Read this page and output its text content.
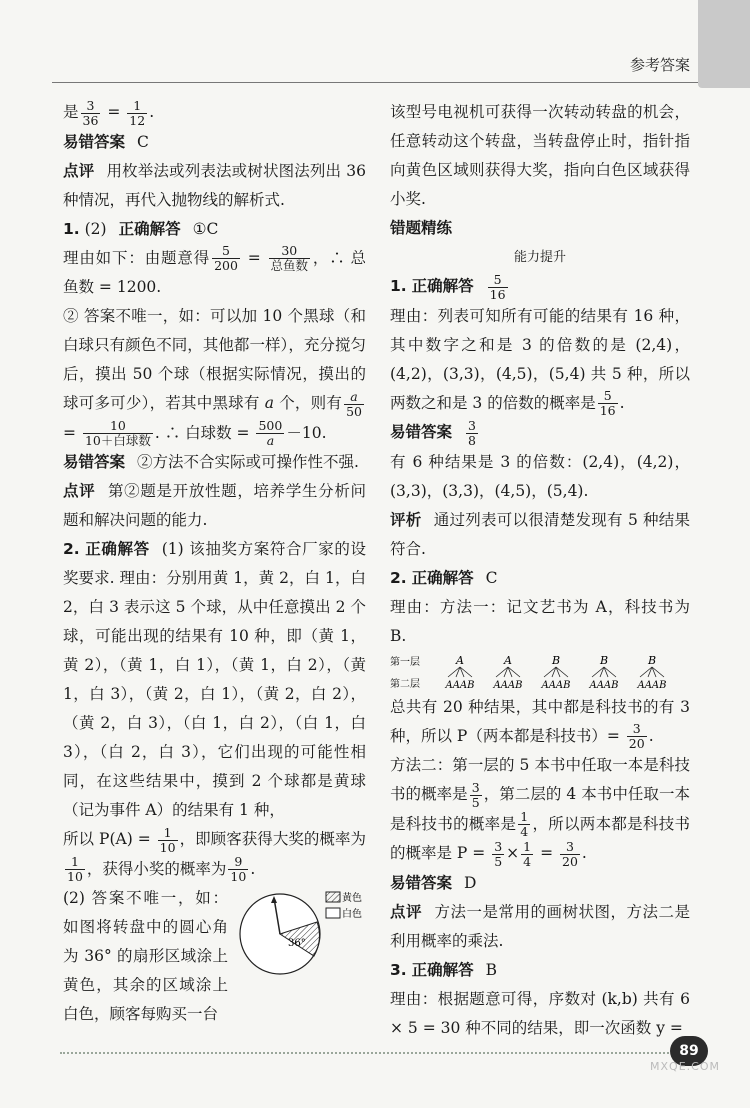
参考答案

是 $\frac{3}{36} = \frac{1}{12}$ .

易错答案 C

点评 用枚举法或列表法或树状图法列出 36 种情况，再代入抛物线的解析式.

1. (2) 正确解答 ①C

理由如下：由题意得 $\frac{5}{200} = \frac{30}{\text{总鱼数}}$ ，∴ 总鱼数 = 1200.

② 答案不唯一，如：可以加 10 个黑球（和白球只有颜色不同，其他都一样），充分搅匀后，摸出 50 个球（根据实际情况，摸出的球可多可少），若其中黑球有 a 个，则有 $\frac{a}{50}$
= $\frac{10}{\text{10＋白球数}}$ . ∴ 白球数 = $\frac{500}{a} -10$.

易错答案 ②方法不合实际或可操作性不强.

点评 第②题是开放性题，培养学生分析问题和解决问题的能力.

2. 正确解答 (1) 该抽奖方案符合厂家的设奖要求. 理由：分别用黄 1，黄 2，白 1，白 2，白 3 表示这 5 个球，从中任意摸出 2 个球，可能出现的结果有 10 种，即（黄 1，黄 2），（黄 1，白 1），（黄 1，白 2），（黄 1，白 3），（黄 2，白 1），（黄 2，白 2），（黄 2，白 3），（白 1，白 2），（白 1，白 3），（白 2，白 3），它们出现的可能性相同，在这些结果中，摸到 2 个球都是黄球（记为事件 A）的结果有 1 种，

所以 $P(A) = \frac{1}{10}$ ，即顾客获得大奖的概率为
$\frac{1}{10}$ ，获得小奖的概率为 $\frac{9}{10}$ .

36°
黄色
白色

(2) 答案不唯一，如：如图将转盘中的圆心角为 36° 的扇形区域涂上黄色，其余的区域涂上白色，顾客每购买一台

该型号电视机可获得一次转动转盘的机会，任意转动这个转盘，当转盘停止时，指针指向黄色区域则获得大奖，指向白色区域获得小奖.

错题精练

能力提升

1. 正确解答 $\frac{5}{16}$

理由：列表可知所有可能的结果有 16 种，其中数字之和是 3 的倍数的是 (2,4)，(4,2)，(3,3)，(4,5)，(5,4) 共 5 种，所以两数之和是 3 的倍数的概率是 $\frac{5}{16}$ .

易错答案 $\frac{3}{8}$

有 6 种结果是 3 的倍数：(2,4)，(4,2)，(3,3)，(3,3)，(4,5)，(5,4).

评析 通过列表可以很清楚发现有 5 种结果符合.

2. 正确解答 C

理由：方法一：记文艺书为 A，科技书为 B.

第一层
第二层
A
AAAB
A
AAAB
B
AAAB
B
AAAB
B
AAAB

总共有 20 种结果，其中都是科技书的有 3 种，所以 P（两本都是科技书）= $\frac{3}{20}$ .

方法二：第一层的 5 本书中任取一本是科技书的概率是 $\frac{3}{5}$ ，第二层的 4 本书中任取一本是科技书的概率是 $\frac{1}{4}$ ，所以两本都是科技书的概率是 $P = \frac{3}{5} \times \frac{1}{4} = \frac{3}{20}$ .

易错答案 D

点评 方法一是常用的画树状图，方法二是利用概率的乘法.

3. 正确解答 B

理由：根据题意可得，序数对 (k,b) 共有 6 × 5 = 30 种不同的结果，即一次函数 y =

89
MXQE.COM
